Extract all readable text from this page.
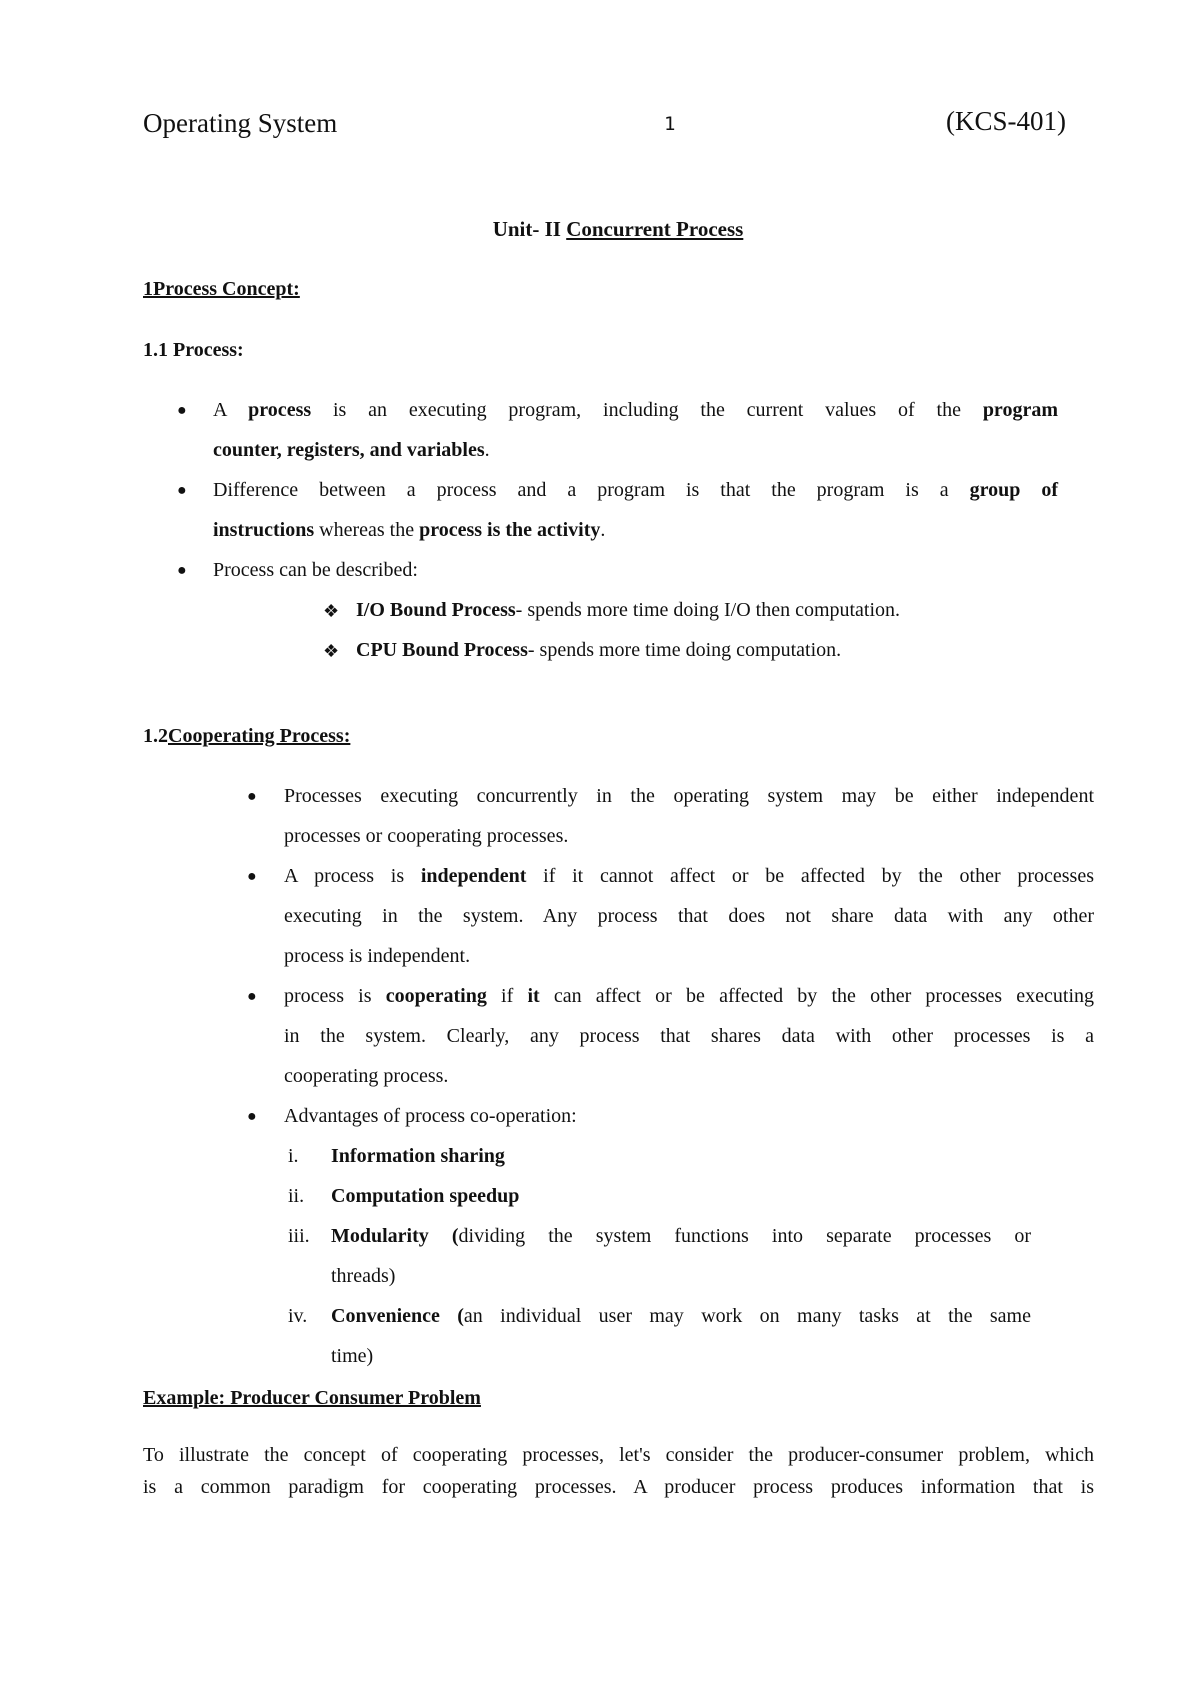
Operating System	1	(KCS-401)
Unit- II Concurrent Process
1Process Concept:
1.1 Process:
● A process is an executing program, including the current values of the program
counter, registers, and variables.
● Difference between a process and a program is that the program is a group of
instructions whereas the process is the activity.
● Process can be described:
❖ I/O Bound Process- spends more time doing I/O then computation.
❖ CPU Bound Process- spends more time doing computation.
1.2Cooperating Process:
● Processes executing concurrently in the operating system may be either independent
processes or cooperating processes.
● A process is independent if it cannot affect or be affected by the other processes
executing in the system. Any process that does not share data with any other
process is independent.
● process is cooperating if it can affect or be affected by the other processes executing
in the system. Clearly, any process that shares data with other processes is a
cooperating process.
● Advantages of process co-operation:
i. Information sharing
ii. Computation speedup
iii. Modularity (dividing the system functions into separate processes or
threads)
iv. Convenience (an individual user may work on many tasks at the same
time)
Example: Producer Consumer Problem
To illustrate the concept of cooperating processes, let's consider the producer-consumer problem, which
is a common paradigm for cooperating processes. A producer process produces information that is
